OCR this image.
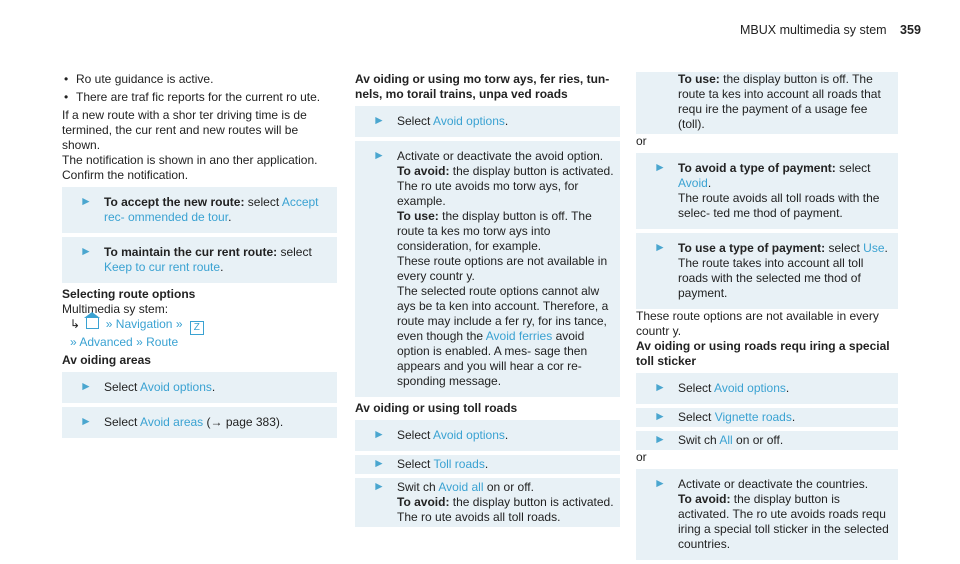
MBUX multimedia sy stem 359

• Ro ute guidance is active.

• There are traf fic reports for the current ro ute.

If a new route with a shor ter driving time is de termined, the cur rent and new routes will be shown.

The notification is shown in ano ther application. Confirm the notification.

► To accept the new route: select Accept rec‐ ommended de tour.
► To maintain the cur rent route: select Keep to cur rent route.

Selecting route options

Multimedia sy stem:

↳ » Navigation » Z

» Advanced » Route

Av oiding areas

► Select Avoid options.
► Select Avoid areas (→ page 383).

Av oiding or using mo torw ays, fer ries, tun‐ nels, mo torail trains, unpa ved roads

► Select Avoid options.
► Activate or deactivate the avoid option.

To avoid: the display button is activated. The ro ute avoids mo torw ays, for example.

To use: the display button is off. The route ta kes mo torw ays into consideration, for example.

These route options are not available in every countr y.

The selected route options cannot alw ays be ta ken into account. Therefore, a route may include a fer ry, for ins tance, even though the Avoid ferries avoid option is enabled. A mes‐ sage then appears and you will hear a cor re‐ sponding message.

Av oiding or using toll roads

► Select Avoid options.
► Select Toll roads.
► Swit ch Avoid all on or off.

To avoid: the display button is activated. The ro ute avoids all toll roads.

To use: the display button is off. The route ta kes into account all roads that requ ire the payment of a usage fee (toll).

or

► To avoid a type of payment: select Avoid.

The route avoids all toll roads with the selec‐ ted me thod of payment.

► To use a type of payment: select Use.

The route takes into account all toll roads with the selected me thod of payment.

These route options are not available in every countr y.

Av oiding or using roads requ iring a special toll sticker

► Select Avoid options.
► Select Vignette roads.
► Swit ch All on or off.

or

► Activate or deactivate the countries.

To avoid: the display button is activated. The ro ute avoids roads requ iring a special toll sticker in the selected countries.
